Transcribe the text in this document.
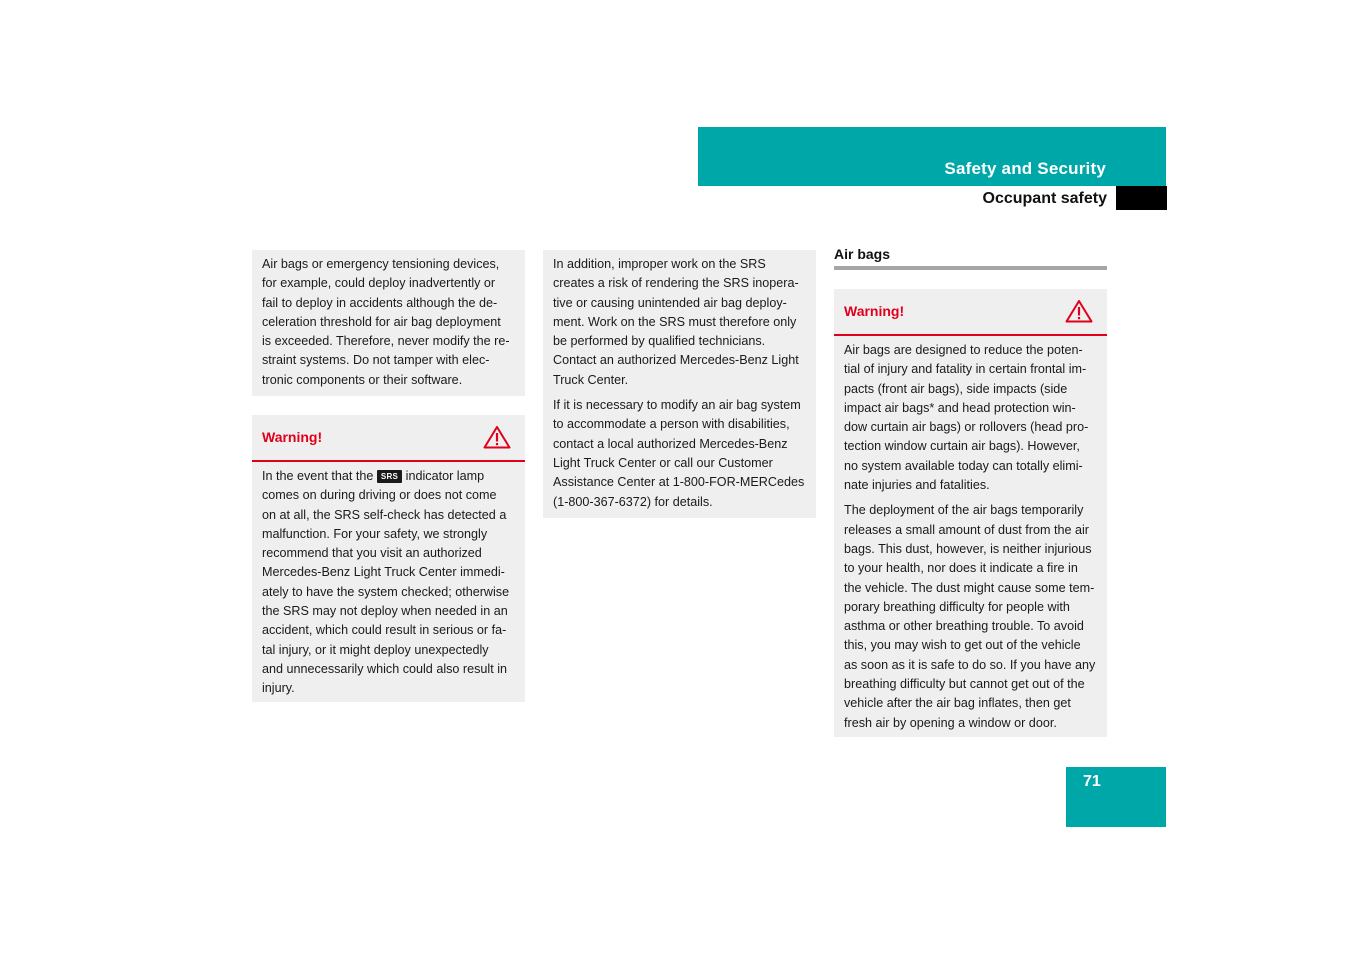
Safety and Security
Occupant safety

Air bags or emergency tensioning devices,
for example, could deploy inadvertently or
fail to deploy in accidents although the de-
celeration threshold for air bag deployment
is exceeded. Therefore, never modify the re-
straint systems. Do not tamper with elec-
tronic components or their software.

Warning!

In the event that the SRS indicator lamp
comes on during driving or does not come
on at all, the SRS self-check has detected a
malfunction. For your safety, we strongly
recommend that you visit an authorized
Mercedes-Benz Light Truck Center immedi-
ately to have the system checked; otherwise
the SRS may not deploy when needed in an
accident, which could result in serious or fa-
tal injury, or it might deploy unexpectedly
and unnecessarily which could also result in
injury.

In addition, improper work on the SRS
creates a risk of rendering the SRS inopera-
tive or causing unintended air bag deploy-
ment. Work on the SRS must therefore only
be performed by qualified technicians.
Contact an authorized Mercedes-Benz Light
Truck Center.

If it is necessary to modify an air bag system
to accommodate a person with disabilities,
contact a local authorized Mercedes-Benz
Light Truck Center or call our Customer
Assistance Center at 1-800-FOR-MERCedes
(1-800-367-6372) for details.

Air bags
Warning!

Air bags are designed to reduce the poten-
tial of injury and fatality in certain frontal im-
pacts (front air bags), side impacts (side
impact air bags* and head protection win-
dow curtain air bags) or rollovers (head pro-
tection window curtain air bags). However,
no system available today can totally elimi-
nate injuries and fatalities.

The deployment of the air bags temporarily
releases a small amount of dust from the air
bags. This dust, however, is neither injurious
to your health, nor does it indicate a fire in
the vehicle. The dust might cause some tem-
porary breathing difficulty for people with
asthma or other breathing trouble. To avoid
this, you may wish to get out of the vehicle
as soon as it is safe to do so. If you have any
breathing difficulty but cannot get out of the
vehicle after the air bag inflates, then get
fresh air by opening a window or door.

71
